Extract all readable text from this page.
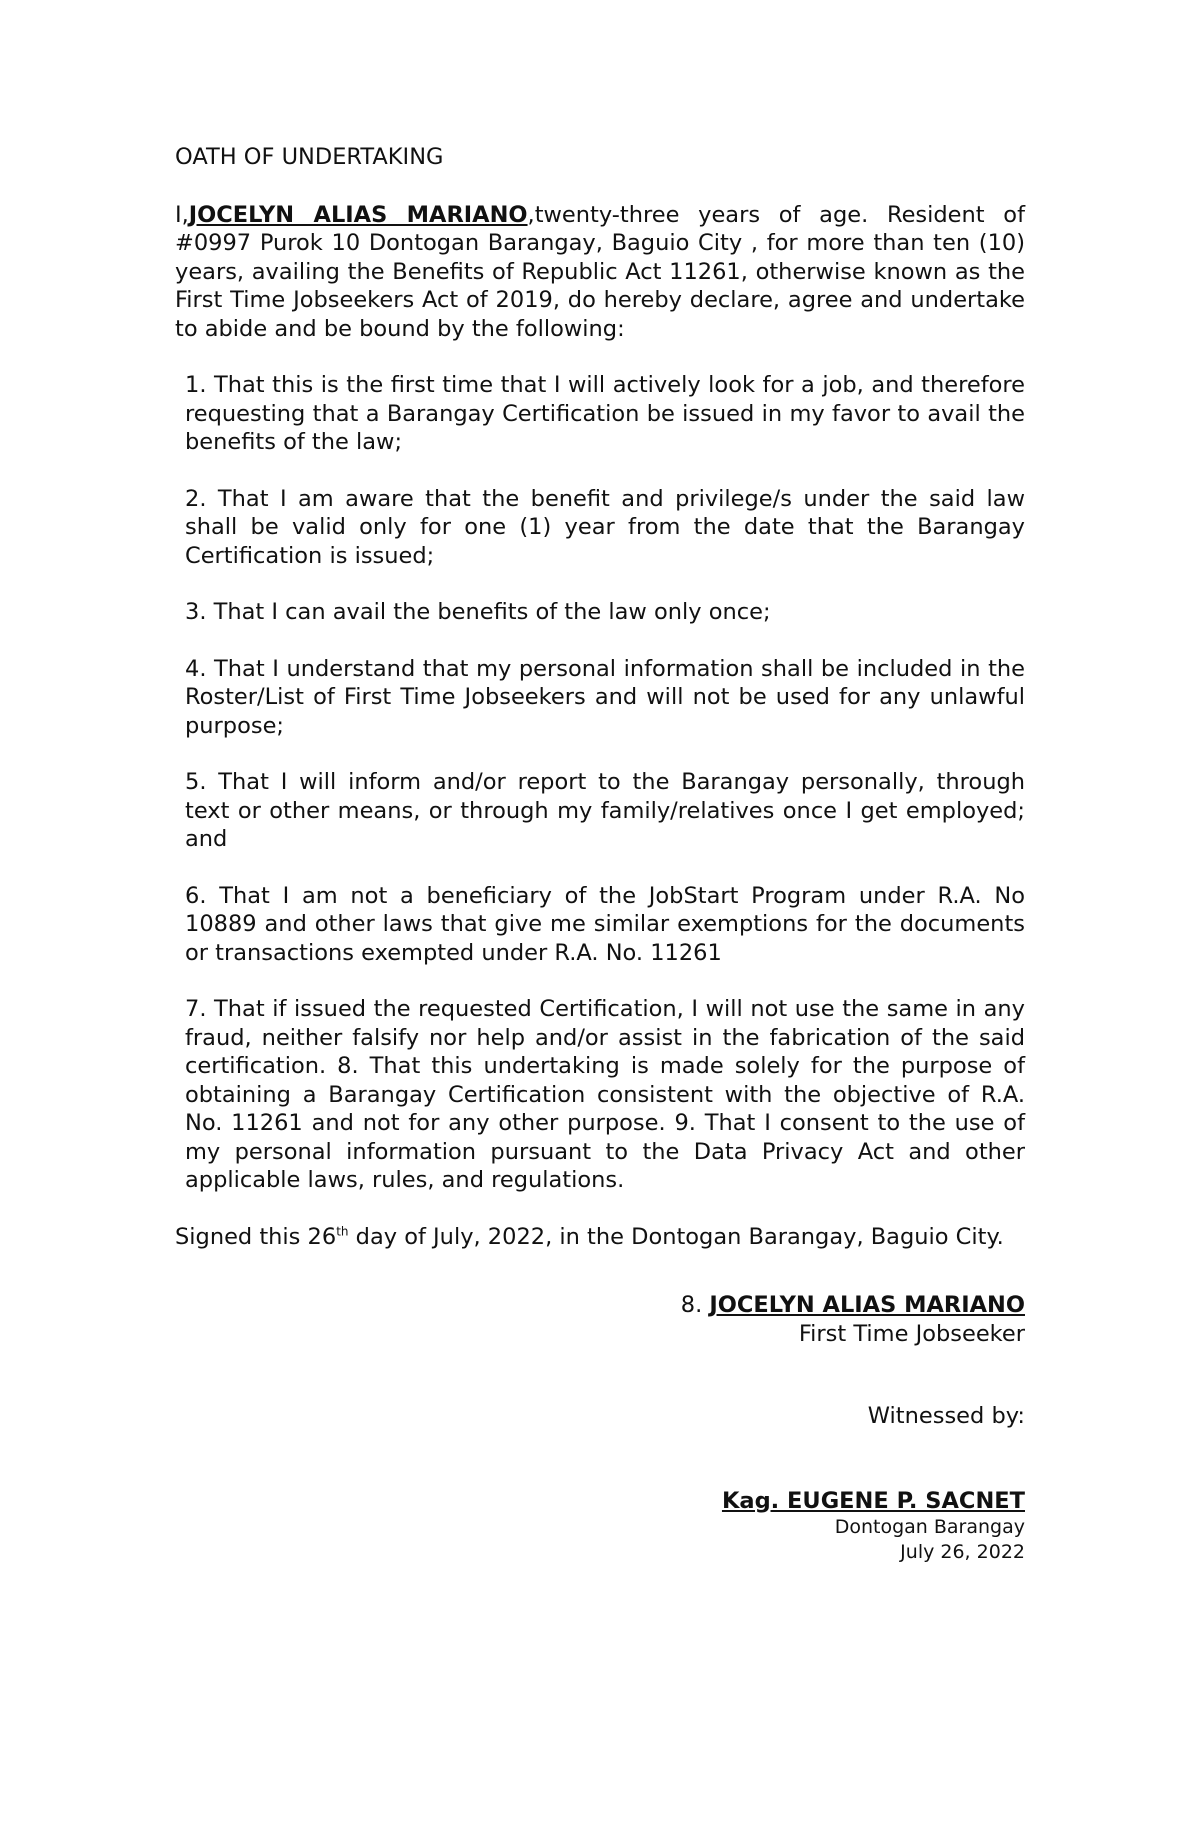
OATH OF UNDERTAKING
I,JOCELYN ALIAS MARIANO,twenty-three years of age. Resident of #0997 Purok 10 Dontogan Barangay, Baguio City , for more than ten (10) years, availing the Benefits of Republic Act 11261, otherwise known as the First Time Jobseekers Act of 2019, do hereby declare, agree and undertake to abide and be bound by the following:
1. That this is the first time that I will actively look for a job, and therefore requesting that a Barangay Certification be issued in my favor to avail the benefits of the law;
2. That I am aware that the benefit and privilege/s under the said law shall be valid only for one (1) year from the date that the Barangay Certification is issued;
3. That I can avail the benefits of the law only once;
4. That I understand that my personal information shall be included in the Roster/List of First Time Jobseekers and will not be used for any unlawful purpose;
5. That I will inform and/or report to the Barangay personally, through text or other means, or through my family/relatives once I get employed; and
6. That I am not a beneficiary of the JobStart Program under R.A. No 10889 and other laws that give me similar exemptions for the documents or transactions exempted under R.A. No. 11261
7. That if issued the requested Certification, I will not use the same in any fraud, neither falsify nor help and/or assist in the fabrication of the said certification. 8. That this undertaking is made solely for the purpose of obtaining a Barangay Certification consistent with the objective of R.A. No. 11261 and not for any other purpose. 9. That I consent to the use of my personal information pursuant to the Data Privacy Act and other applicable laws, rules, and regulations.
Signed this 26th day of July, 2022, in the Dontogan Barangay, Baguio City.
8. JOCELYN ALIAS MARIANO
First Time Jobseeker
Witnessed by:
Kag. EUGENE P. SACNET
Dontogan Barangay
July 26, 2022
